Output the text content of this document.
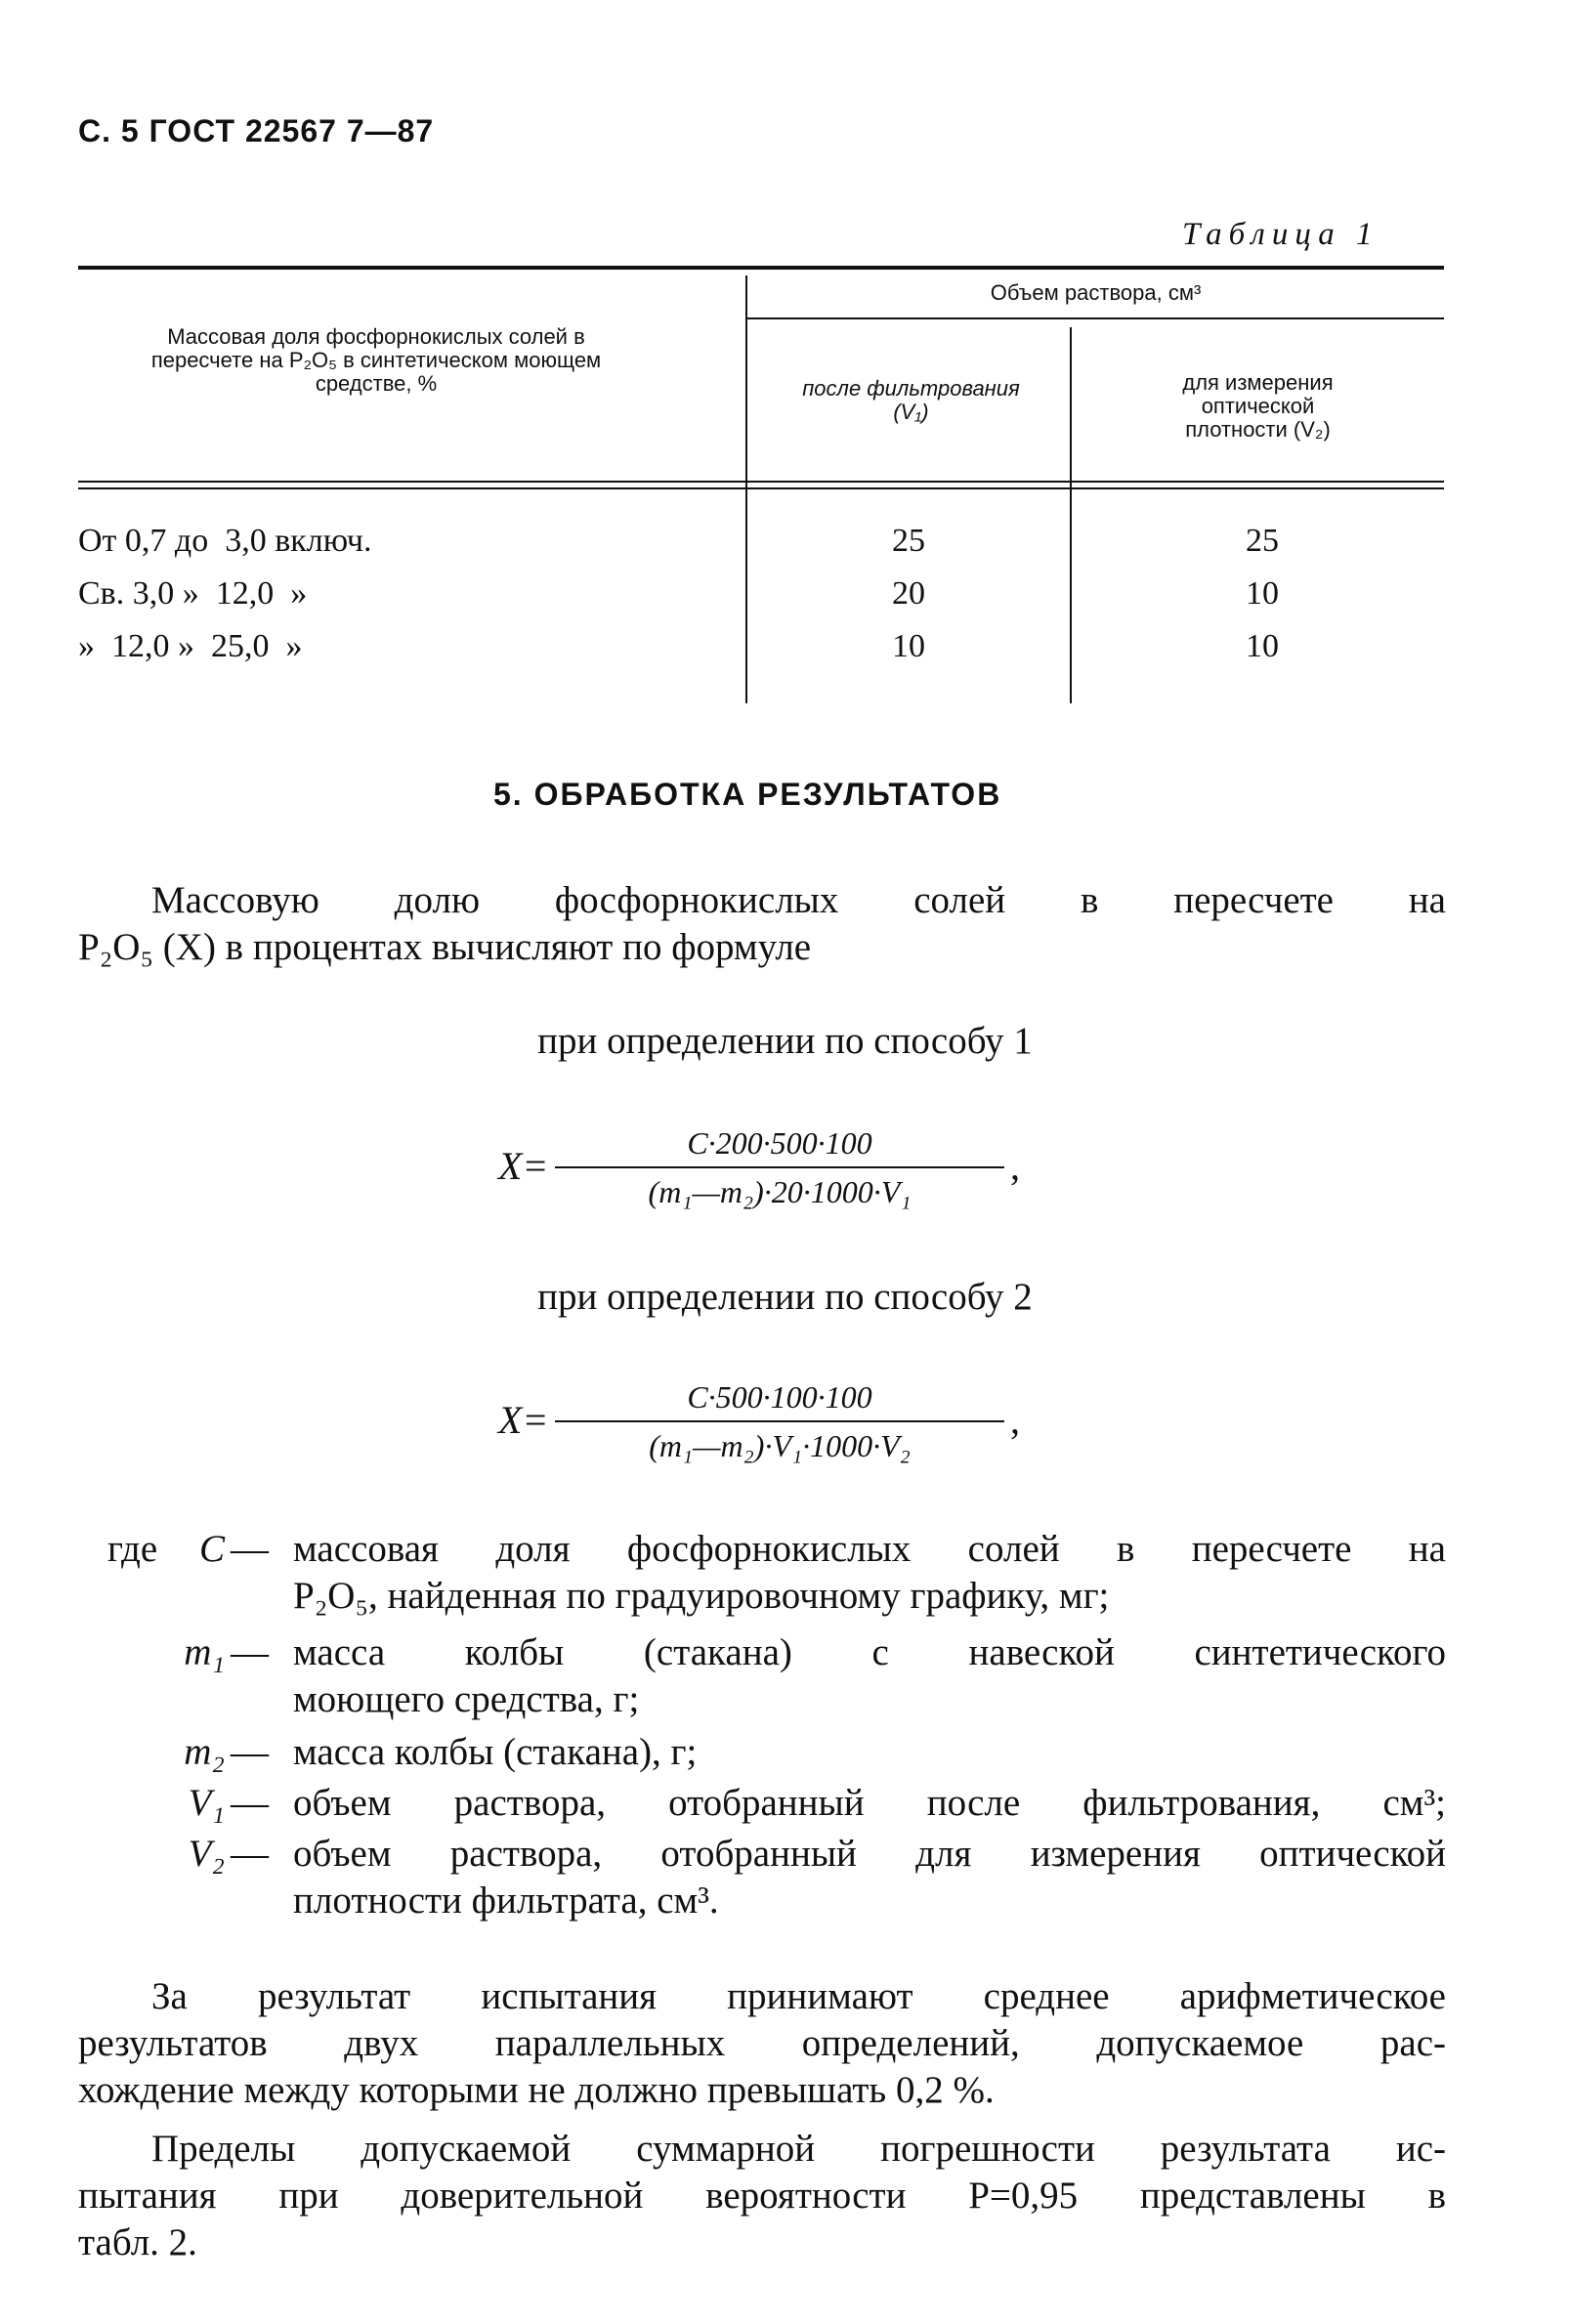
С. 5 ГОСТ 22567 7—87
Таблица 1
Массовая доля фосфорнокислых солей в пересчете на P₂O₅ в синтетическом моющем средстве, %
Объем раствора, см³
после фильтрования
(V₁)
для измерения
оптической
плотности (V₂)
От 0,7 до  3,0 включ.	25	25
Св. 3,0 »  12,0  »	20	10
»  12,0 »  25,0  »	10	10
5. ОБРАБОТКА РЕЗУЛЬТАТОВ
Массовую долю фосфорнокислых солей в пересчете на
P₂O₅ (X) в процентах вычисляют по формуле
при определении по способу 1
X=
C·200·500·100
(m₁—m₂)·20·1000·V₁
,
при определении по способу 2
X=
C·500·100·100
(m₁—m₂)·V₁·1000·V₂
,
где	C — массовая доля фосфорнокислых солей в пересчете на
P₂O₅, найденная по градуировочному графику, мг;
m₁ — масса колбы (стакана) с навеской синтетического
моющего средства, г;
m₂ — масса колбы (стакана), г;
V₁ — объем раствора, отобранный после фильтрования, см³;
V₂ — объем раствора, отобранный для измерения оптической
плотности фильтрата, см³.
За результат испытания принимают среднее арифметическое
результатов двух параллельных определений, допускаемое рас-
хождение между которыми не должно превышать 0,2 %.
Пределы допускаемой суммарной погрешности результата ис-
пытания при доверительной вероятности P=0,95 представлены в
табл. 2.
